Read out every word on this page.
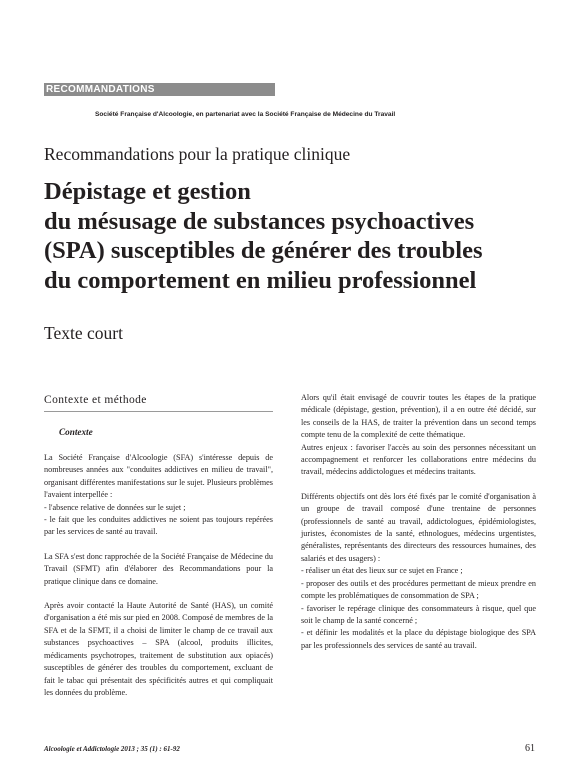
RECOMMANDATIONS
Société Française d'Alcoologie, en partenariat avec la Société Française de Médecine du Travail
Recommandations pour la pratique clinique
Dépistage et gestion
du mésusage de substances psychoactives
(SPA) susceptibles de générer des troubles
du comportement en milieu professionnel
Texte court
Contexte et méthode
Contexte
La Société Française d'Alcoologie (SFA) s'intéresse depuis de nombreuses années aux "conduites addictives en milieu de travail", organisant différentes manifestations sur le sujet. Plusieurs problèmes l'avaient interpellée :
- l'absence relative de données sur le sujet ;
- le fait que les conduites addictives ne soient pas toujours repérées par les services de santé au travail.
La SFA s'est donc rapprochée de la Société Française de Médecine du Travail (SFMT) afin d'élaborer des Recommandations pour la pratique clinique dans ce domaine.
Après avoir contacté la Haute Autorité de Santé (HAS), un comité d'organisation a été mis sur pied en 2008. Composé de membres de la SFA et de la SFMT, il a choisi de limiter le champ de ce travail aux substances psychoactives – SPA (alcool, produits illicites, médicaments psychotropes, traitement de substitution aux opiacés) susceptibles de générer des troubles du comportement, excluant de fait le tabac qui présentait des spécificités autres et qui compliquait les données du problème.
Alors qu'il était envisagé de couvrir toutes les étapes de la pratique médicale (dépistage, gestion, prévention), il a en outre été décidé, sur les conseils de la HAS, de traiter la prévention dans un second temps compte tenu de la complexité de cette thématique.
Autres enjeux : favoriser l'accès au soin des personnes nécessitant un accompagnement et renforcer les collaborations entre médecins du travail, médecins addictologues et médecins traitants.
Différents objectifs ont dès lors été fixés par le comité d'organisation à un groupe de travail composé d'une trentaine de personnes (professionnels de santé au travail, addictologues, épidémiologistes, juristes, économistes de la santé, ethnologues, médecins urgentistes, généralistes, représentants des directeurs des ressources humaines, des salariés et des usagers) :
- réaliser un état des lieux sur ce sujet en France ;
- proposer des outils et des procédures permettant de mieux prendre en compte les problématiques de consommation de SPA ;
- favoriser le repérage clinique des consommateurs à risque, quel que soit le champ de la santé concerné ;
- et définir les modalités et la place du dépistage biologique des SPA par les professionnels des services de santé au travail.
Alcoologie et Addictologie 2013 ; 35 (1) : 61-92	61
